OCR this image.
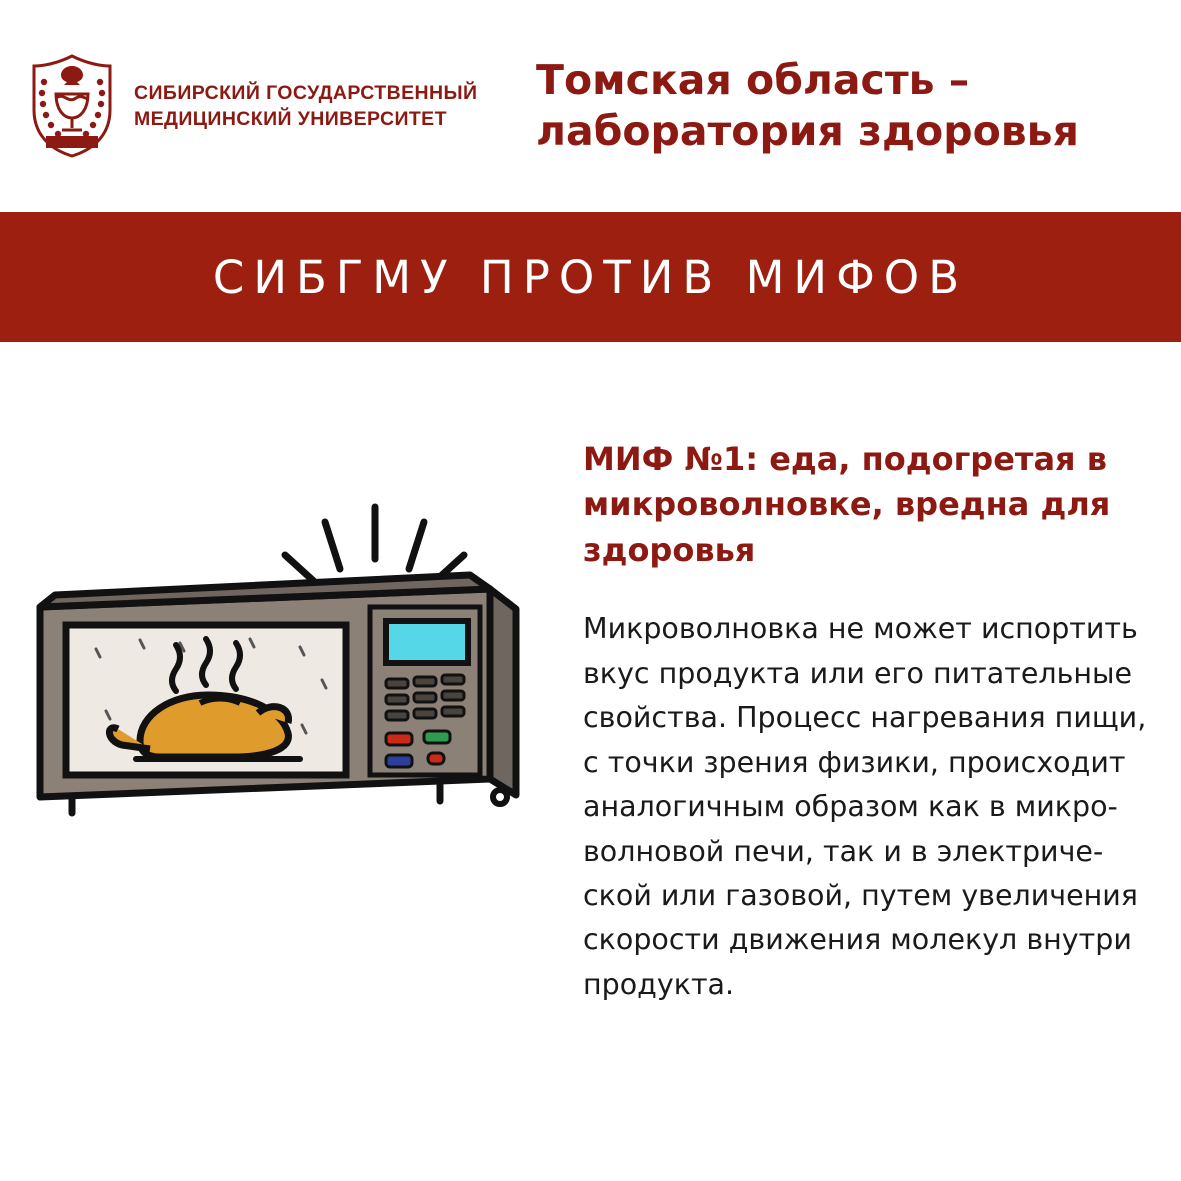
СИБИРСКИЙ ГОСУДАРСТВЕННЫЙ
МЕДИЦИНСКИЙ УНИВЕРСИТЕТ
Томская область –
лаборатория здоровья
СИБГМУ ПРОТИВ МИФОВ
МИФ №1: еда, подогретая в микроволновке, вредна для здоровья

Микроволновка не может испортить вкус продукта или его питательные свойства. Процесс нагревания пищи, с точки зрения физики, происходит аналогичным образом как в микро-волновой печи, так и в электриче-ской или газовой, путем увеличения скорости движения молекул внутри продукта.
